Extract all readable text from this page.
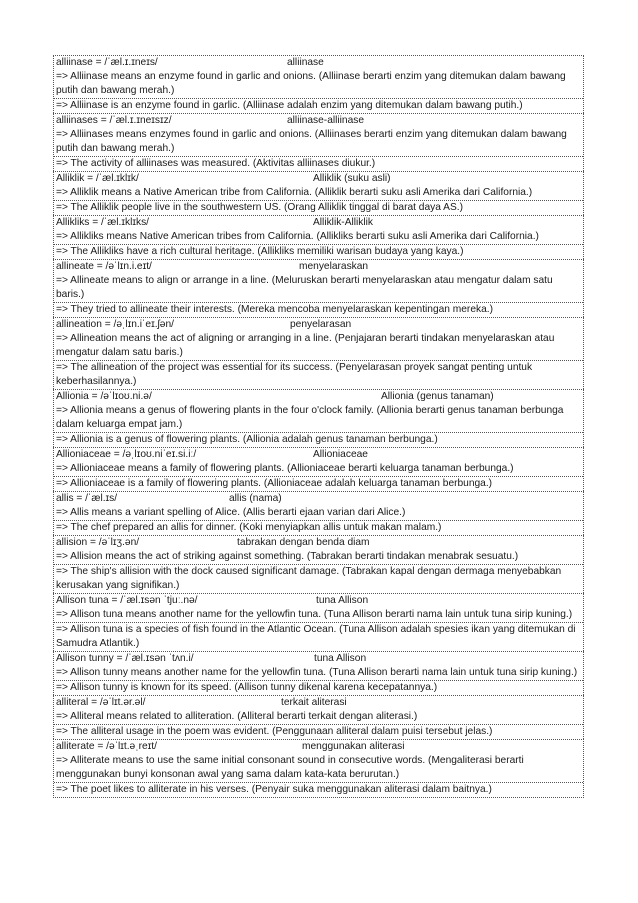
alliinase = /ˈæl.ɪ.ɪneɪs/	alliinase
=> Alliinase means an enzyme found in garlic and onions. (Alliinase berarti enzim yang ditemukan dalam bawang putih dan bawang merah.)
=> Alliinase is an enzyme found in garlic. (Alliinase adalah enzim yang ditemukan dalam bawang putih.)
alliinases = /ˈæl.ɪ.ɪneɪsɪz/	alliinase-alliinase
=> Alliinases means enzymes found in garlic and onions. (Alliinases berarti enzim yang ditemukan dalam bawang putih dan bawang merah.)
=> The activity of alliinases was measured. (Aktivitas alliinases diukur.)
Alliklik = /ˈæl.ɪklɪk/	Alliklik (suku asli)
=> Alliklik means a Native American tribe from California. (Alliklik berarti suku asli Amerika dari California.)
=> The Alliklik people live in the southwestern US. (Orang Alliklik tinggal di barat daya AS.)
Allikliks = /ˈæl.ɪklɪks/	Alliklik-Alliklik
=> Allikliks means Native American tribes from California. (Allikliks berarti suku asli Amerika dari California.)
=> The Allikliks have a rich cultural heritage. (Allikliks memiliki warisan budaya yang kaya.)
allineate = /əˈlɪn.i.eɪt/	menyelaraskan
=> Allineate means to align or arrange in a line. (Meluruskan berarti menyelaraskan atau mengatur dalam satu baris.)
=> They tried to allineate their interests. (Mereka mencoba menyelaraskan kepentingan mereka.)
allineation = /əˌlɪn.iˈeɪ.ʃən/	penyelarasan
=> Allineation means the act of aligning or arranging in a line. (Penjajaran berarti tindakan menyelaraskan atau mengatur dalam satu baris.)
=> The allineation of the project was essential for its success. (Penyelarasan proyek sangat penting untuk keberhasilannya.)
Allionia = /əˈlɪoʊ.ni.ə/	Allionia (genus tanaman)
=> Allionia means a genus of flowering plants in the four o'clock family. (Allionia berarti genus tanaman berbunga dalam keluarga empat jam.)
=> Allionia is a genus of flowering plants. (Allionia adalah genus tanaman berbunga.)
Allioniaceae = /əˌlɪoʊ.niˈeɪ.si.iː/	Allioniaceae
=> Allioniaceae means a family of flowering plants. (Allioniaceae berarti keluarga tanaman berbunga.)
=> Allioniaceae is a family of flowering plants. (Allioniaceae adalah keluarga tanaman berbunga.)
allis = /ˈæl.ɪs/	allis (nama)
=> Allis means a variant spelling of Alice. (Allis berarti ejaan varian dari Alice.)
=> The chef prepared an allis for dinner. (Koki menyiapkan allis untuk makan malam.)
allision = /əˈlɪʒ.ən/	tabrakan dengan benda diam
=> Allision means the act of striking against something. (Tabrakan berarti tindakan menabrak sesuatu.)
=> The ship's allision with the dock caused significant damage. (Tabrakan kapal dengan dermaga menyebabkan kerusakan yang signifikan.)
Allison tuna = /ˈæl.ɪsən ˈtjuː.nə/	tuna Allison
=> Allison tuna means another name for the yellowfin tuna. (Tuna Allison berarti nama lain untuk tuna sirip kuning.)
=> Allison tuna is a species of fish found in the Atlantic Ocean. (Tuna Allison adalah spesies ikan yang ditemukan di Samudra Atlantik.)
Allison tunny = /ˈæl.ɪsən ˈtʌn.i/	tuna Allison
=> Allison tunny means another name for the yellowfin tuna. (Tuna Allison berarti nama lain untuk tuna sirip kuning.)
=> Allison tunny is known for its speed. (Allison tunny dikenal karena kecepatannya.)
alliteral = /əˈlɪt.ər.əl/	terkait aliterasi
=> Alliteral means related to alliteration. (Alliteral berarti terkait dengan aliterasi.)
=> The alliteral usage in the poem was evident. (Penggunaan alliteral dalam puisi tersebut jelas.)
alliterate = /əˈlɪt.əˌreɪt/	menggunakan aliterasi
=> Alliterate means to use the same initial consonant sound in consecutive words. (Mengaliterasi berarti menggunakan bunyi konsonan awal yang sama dalam kata-kata berurutan.)
=> The poet likes to alliterate in his verses. (Penyair suka menggunakan aliterasi dalam baitnya.)
